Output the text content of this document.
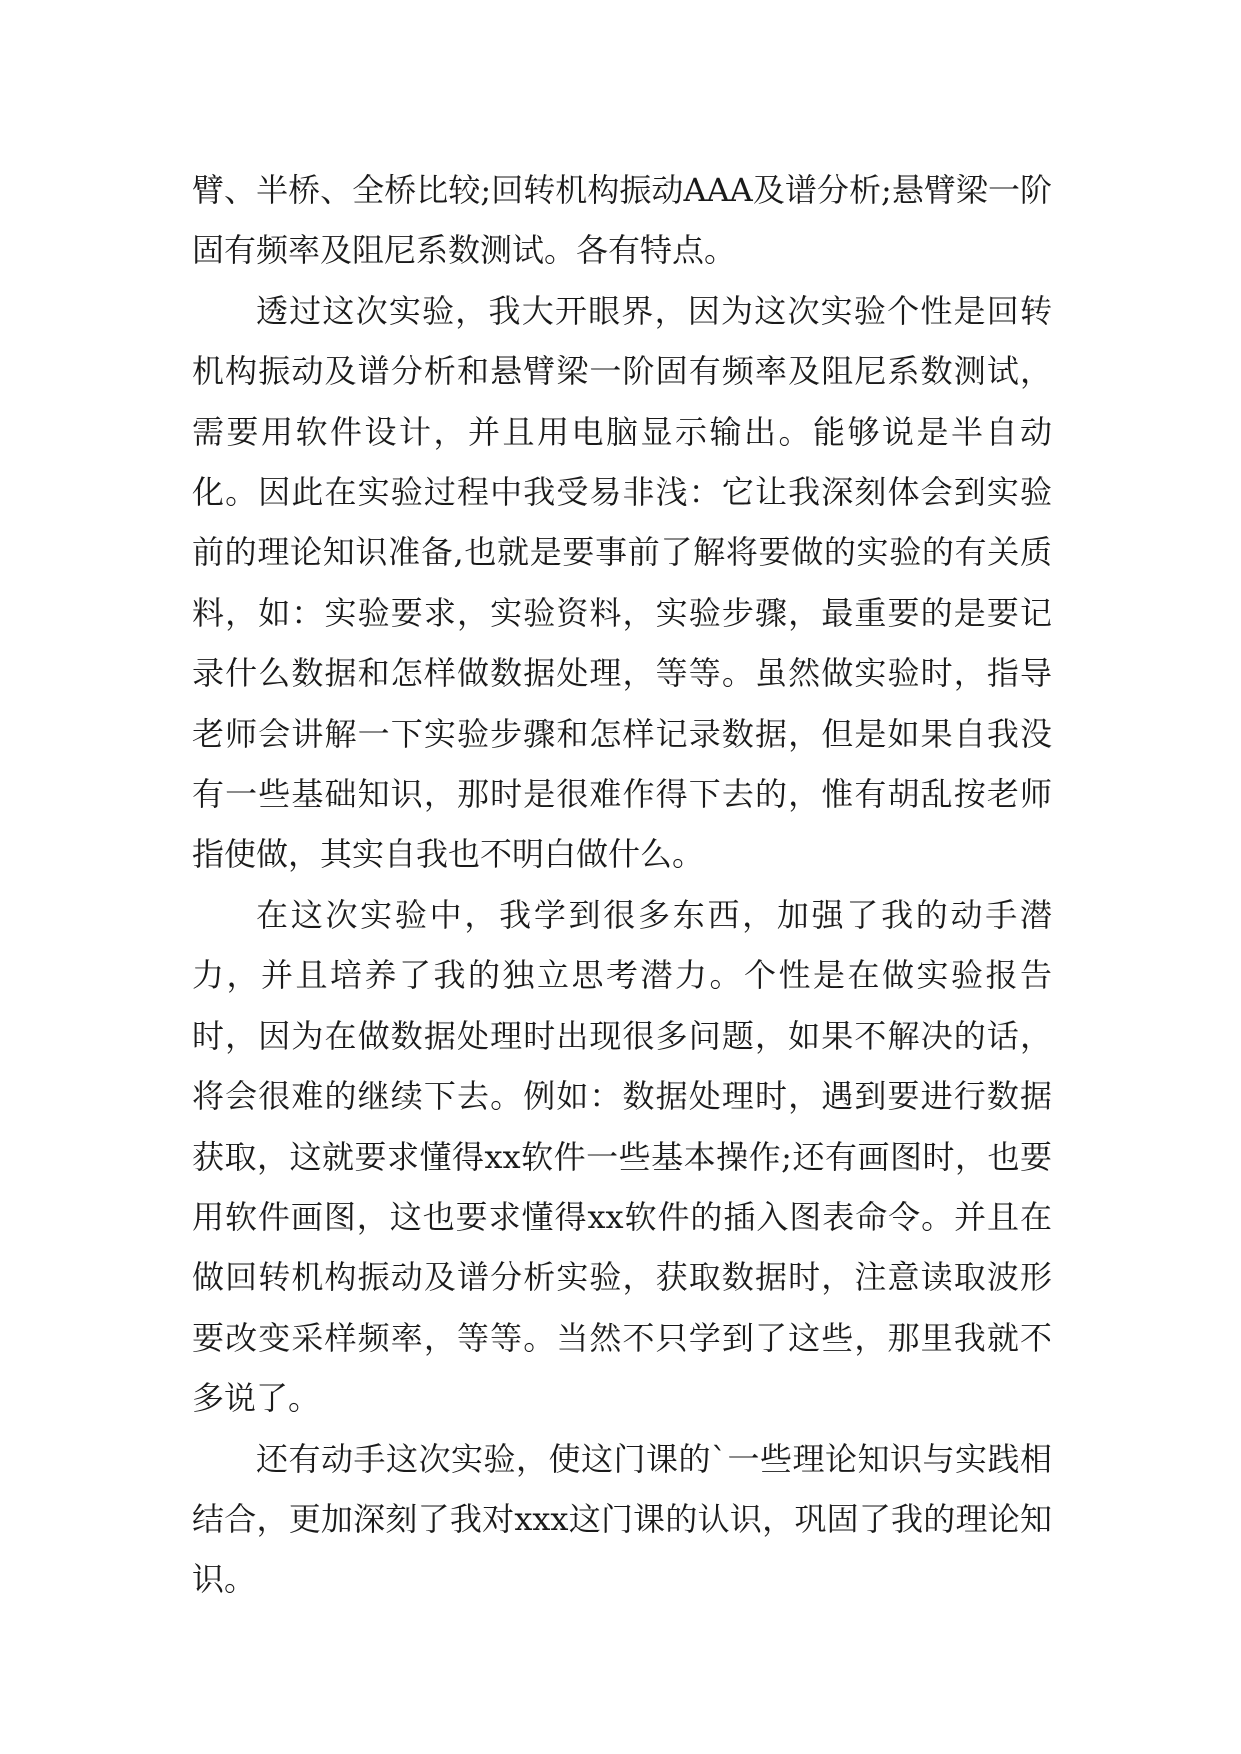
臂、半桥、全桥比较;回转机构振动AAA及谱分析;悬臂梁一阶固有频率及阻尼系数测试。各有特点。

透过这次实验，我大开眼界，因为这次实验个性是回转机构振动及谱分析和悬臂梁一阶固有频率及阻尼系数测试，需要用软件设计，并且用电脑显示输出。能够说是半自动化。因此在实验过程中我受易非浅：它让我深刻体会到实验前的理论知识准备,也就是要事前了解将要做的实验的有关质料，如：实验要求，实验资料，实验步骤，最重要的是要记录什么数据和怎样做数据处理，等等。虽然做实验时，指导老师会讲解一下实验步骤和怎样记录数据，但是如果自我没有一些基础知识，那时是很难作得下去的，惟有胡乱按老师指使做，其实自我也不明白做什么。

在这次实验中，我学到很多东西，加强了我的动手潜力，并且培养了我的独立思考潜力。个性是在做实验报告时，因为在做数据处理时出现很多问题，如果不解决的话，将会很难的继续下去。例如：数据处理时，遇到要进行数据获取，这就要求懂得xx软件一些基本操作;还有画图时，也要用软件画图，这也要求懂得xx软件的插入图表命令。并且在做回转机构振动及谱分析实验，获取数据时，注意读取波形要改变采样频率，等等。当然不只学到了这些，那里我就不多说了。

还有动手这次实验，使这门课的`一些理论知识与实践相结合，更加深刻了我对xxx这门课的认识，巩固了我的理论知识。
